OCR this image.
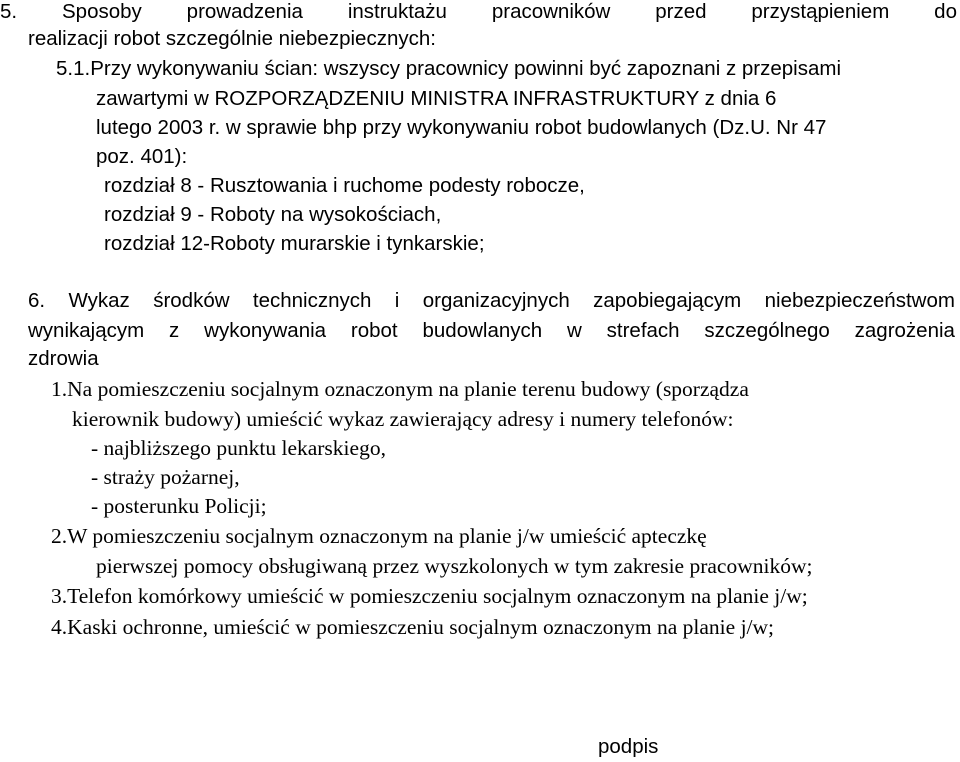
5. Sposoby prowadzenia instruktażu pracowników przed przystąpieniem do
realizacji robot szczególnie niebezpiecznych:
5.1.Przy wykonywaniu ścian: wszyscy pracownicy powinni być zapoznani z przepisami
zawartymi w ROZPORZĄDZENIU MINISTRA INFRASTRUKTURY z dnia 6
lutego 2003 r. w sprawie bhp przy wykonywaniu robot budowlanych (Dz.U. Nr 47
poz. 401):
rozdział 8 - Rusztowania i ruchome podesty robocze,
rozdział 9 - Roboty na wysokościach,
rozdział 12-Roboty murarskie i tynkarskie;
6. Wykaz środków technicznych i organizacyjnych zapobiegającym niebezpieczeństwom
wynikającym z wykonywania robot budowlanych w strefach szczególnego zagrożenia
zdrowia
1.Na pomieszczeniu socjalnym oznaczonym na planie terenu budowy (sporządza
kierownik budowy) umieścić wykaz zawierający adresy i numery telefonów:
- najbliższego punktu lekarskiego,
- straży pożarnej,
- posterunku Policji;
2.W pomieszczeniu socjalnym oznaczonym na planie j/w umieścić apteczkę
pierwszej pomocy obsługiwaną przez wyszkolonych w tym zakresie pracowników;
3.Telefon komórkowy umieścić w pomieszczeniu socjalnym oznaczonym na planie j/w;
4.Kaski ochronne, umieścić w pomieszczeniu socjalnym oznaczonym na planie j/w;
podpis
